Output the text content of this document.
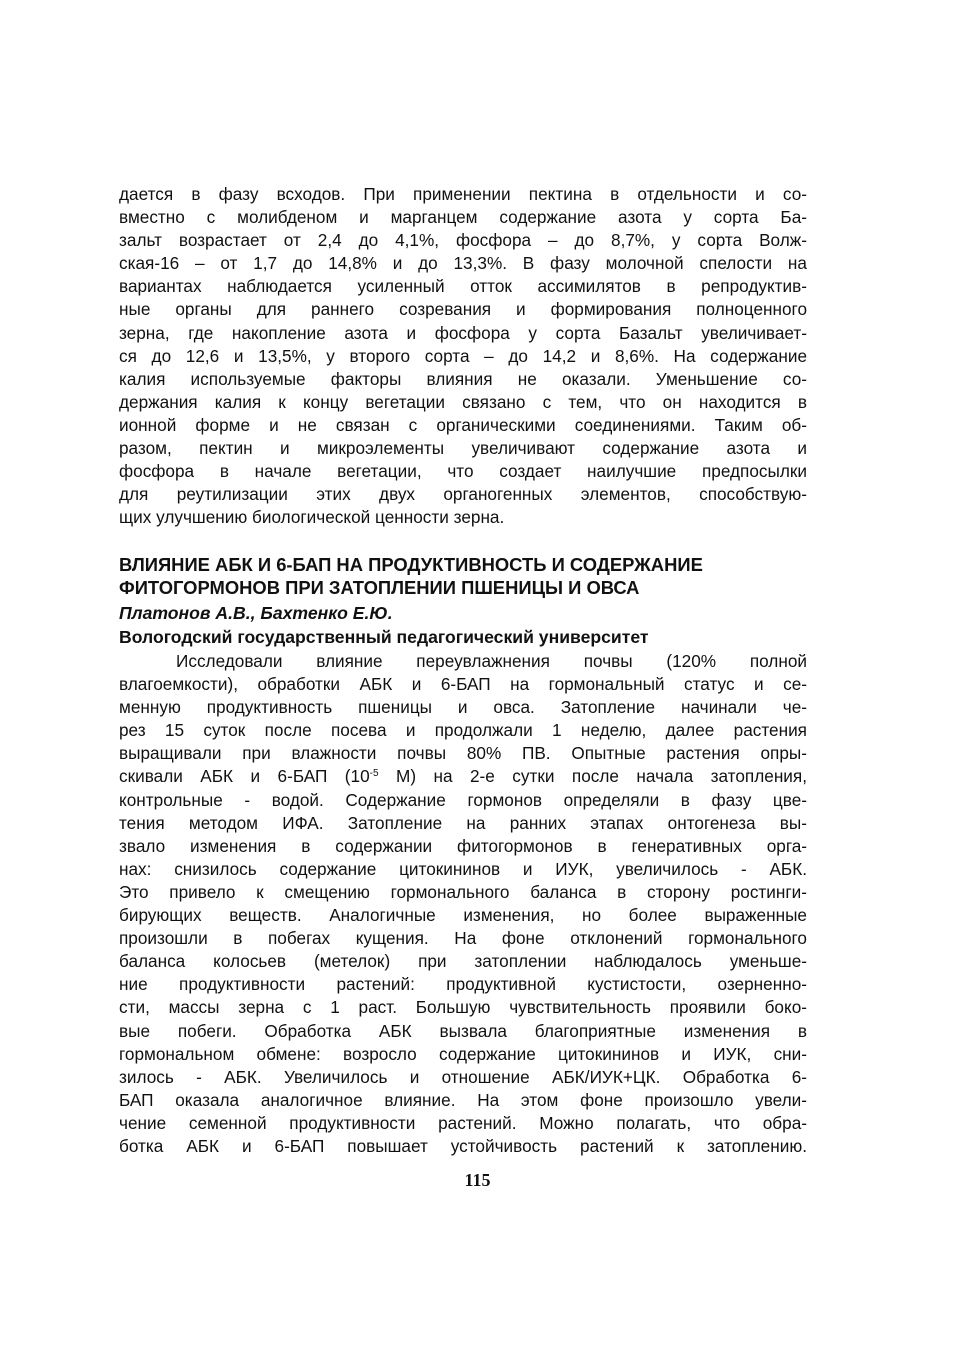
дается в фазу всходов. При применении пектина в отдельности и со-
вместно с молибденом и марганцем содержание азота у сорта Ба-
зальт возрастает от 2,4 до 4,1%, фосфора – до 8,7%, у сорта Волж-
ская-16 – от 1,7 до 14,8% и до 13,3%. В фазу молочной спелости на
вариантах наблюдается усиленный отток ассимилятов в репродуктив-
ные органы для раннего созревания и формирования полноценного
зерна, где накопление азота и фосфора у сорта Базальт увеличивает-
ся до 12,6 и 13,5%, у второго сорта – до 14,2 и 8,6%. На содержание
калия используемые факторы влияния не оказали. Уменьшение со-
держания калия к концу вегетации связано с тем, что он находится в
ионной форме и не связан с органическими соединениями. Таким об-
разом, пектин и микроэлементы увеличивают содержание азота и
фосфора в начале вегетации, что создает наилучшие предпосылки
для реутилизации этих двух органогенных элементов, способствую-
щих улучшению биологической ценности зерна.
ВЛИЯНИЕ АБК И 6-БАП НА ПРОДУКТИВНОСТЬ И СОДЕРЖАНИЕ
ФИТОГОРМОНОВ ПРИ ЗАТОПЛЕНИИ ПШЕНИЦЫ И ОВСА
Платонов А.В., Бахтенко Е.Ю.
Вологодский государственный педагогический университет
Исследовали влияние переувлажнения почвы (120% полной
влагоемкости), обработки АБК и 6-БАП на гормональный статус и се-
менную продуктивность пшеницы и овса. Затопление начинали че-
рез 15 суток после посева и продолжали 1 неделю, далее растения
выращивали при влажности почвы 80% ПВ. Опытные растения опры-
скивали АБК и 6-БАП ($10^{-5}$ М) на 2-е сутки после начала затопления,
контрольные - водой. Содержание гормонов определяли в фазу цве-
тения методом ИФА. Затопление на ранних этапах онтогенеза вы-
звало изменения в содержании фитогормонов в генеративных орга-
нах: снизилось содержание цитокининов и ИУК, увеличилось - АБК.
Это привело к смещению гормонального баланса в сторону ростинги-
бирующих веществ. Аналогичные изменения, но более выраженные
произошли в побегах кущения. На фоне отклонений гормонального
баланса колосьев (метелок) при затоплении наблюдалось уменьше-
ние продуктивности растений: продуктивной кустистости, озерненно-
сти, массы зерна с 1 раст. Большую чувствительность проявили боко-
вые побеги. Обработка АБК вызвала благоприятные изменения в
гормональном обмене: возросло содержание цитокининов и ИУК, сни-
зилось - АБК. Увеличилось и отношение АБК/ИУК+ЦК. Обработка 6-
БАП оказала аналогичное влияние. На этом фоне произошло увели-
чение семенной продуктивности растений. Можно полагать, что обра-
ботка АБК и 6-БАП повышает устойчивость растений к затоплению.
115
